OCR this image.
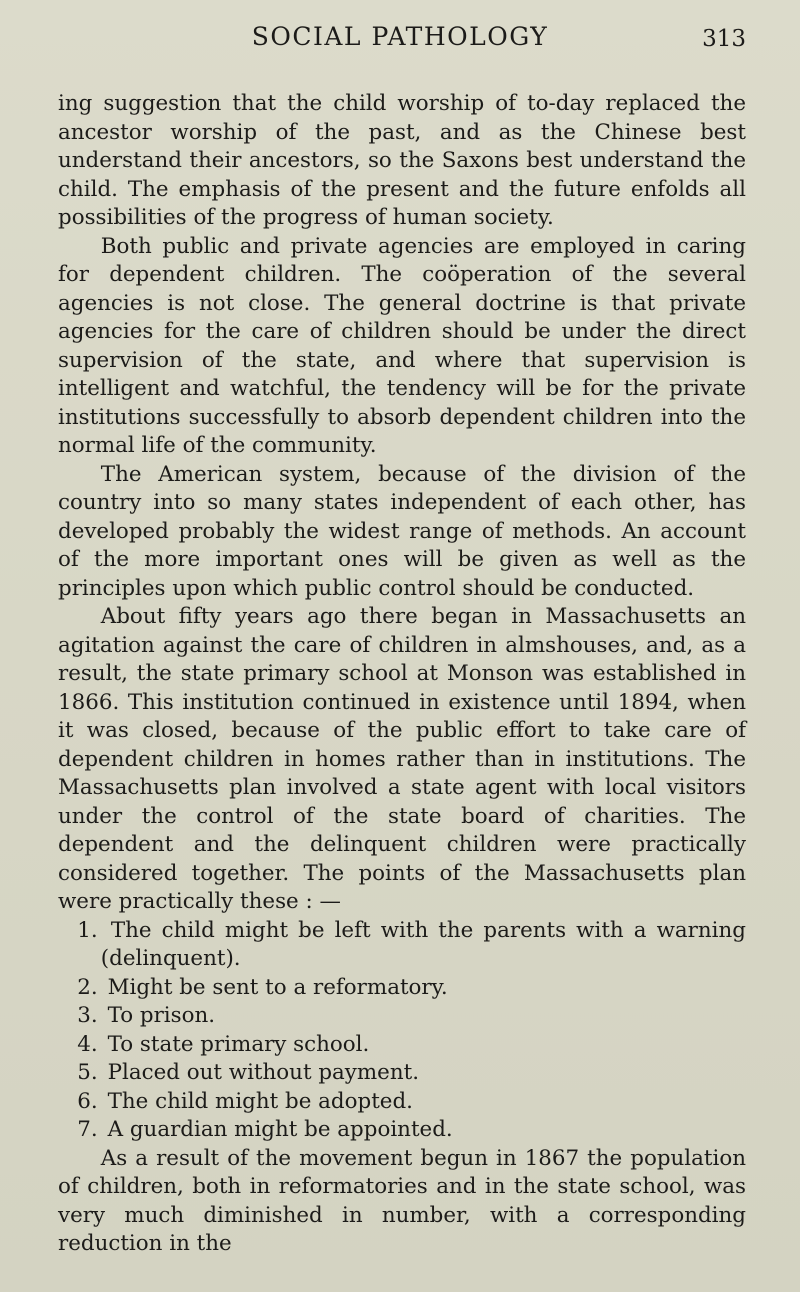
SOCIAL PATHOLOGY	313

ing suggestion that the child worship of to-day replaced the ancestor worship of the past, and as the Chinese best understand their ancestors, so the Saxons best understand the child. The emphasis of the present and the future enfolds all possibilities of the progress of human society.

Both public and private agencies are employed in caring for dependent children. The coöperation of the several agencies is not close. The general doctrine is that private agencies for the care of children should be under the direct supervision of the state, and where that supervision is intelligent and watchful, the tendency will be for the private institutions successfully to absorb dependent children into the normal life of the community.

The American system, because of the division of the country into so many states independent of each other, has developed probably the widest range of methods. An account of the more important ones will be given as well as the principles upon which public control should be conducted.

About fifty years ago there began in Massachusetts an agitation against the care of children in almshouses, and, as a result, the state primary school at Monson was established in 1866. This institution continued in existence until 1894, when it was closed, because of the public effort to take care of dependent children in homes rather than in institutions. The Massachusetts plan involved a state agent with local visitors under the control of the state board of charities. The dependent and the delinquent children were practically considered together. The points of the Massachusetts plan were practically these : —

1. The child might be left with the parents with a warning (delinquent).
2. Might be sent to a reformatory.
3. To prison.
4. To state primary school.
5. Placed out without payment.
6. The child might be adopted.
7. A guardian might be appointed.

As a result of the movement begun in 1867 the population of children, both in reformatories and in the state school, was very much diminished in number, with a corresponding reduction in the
